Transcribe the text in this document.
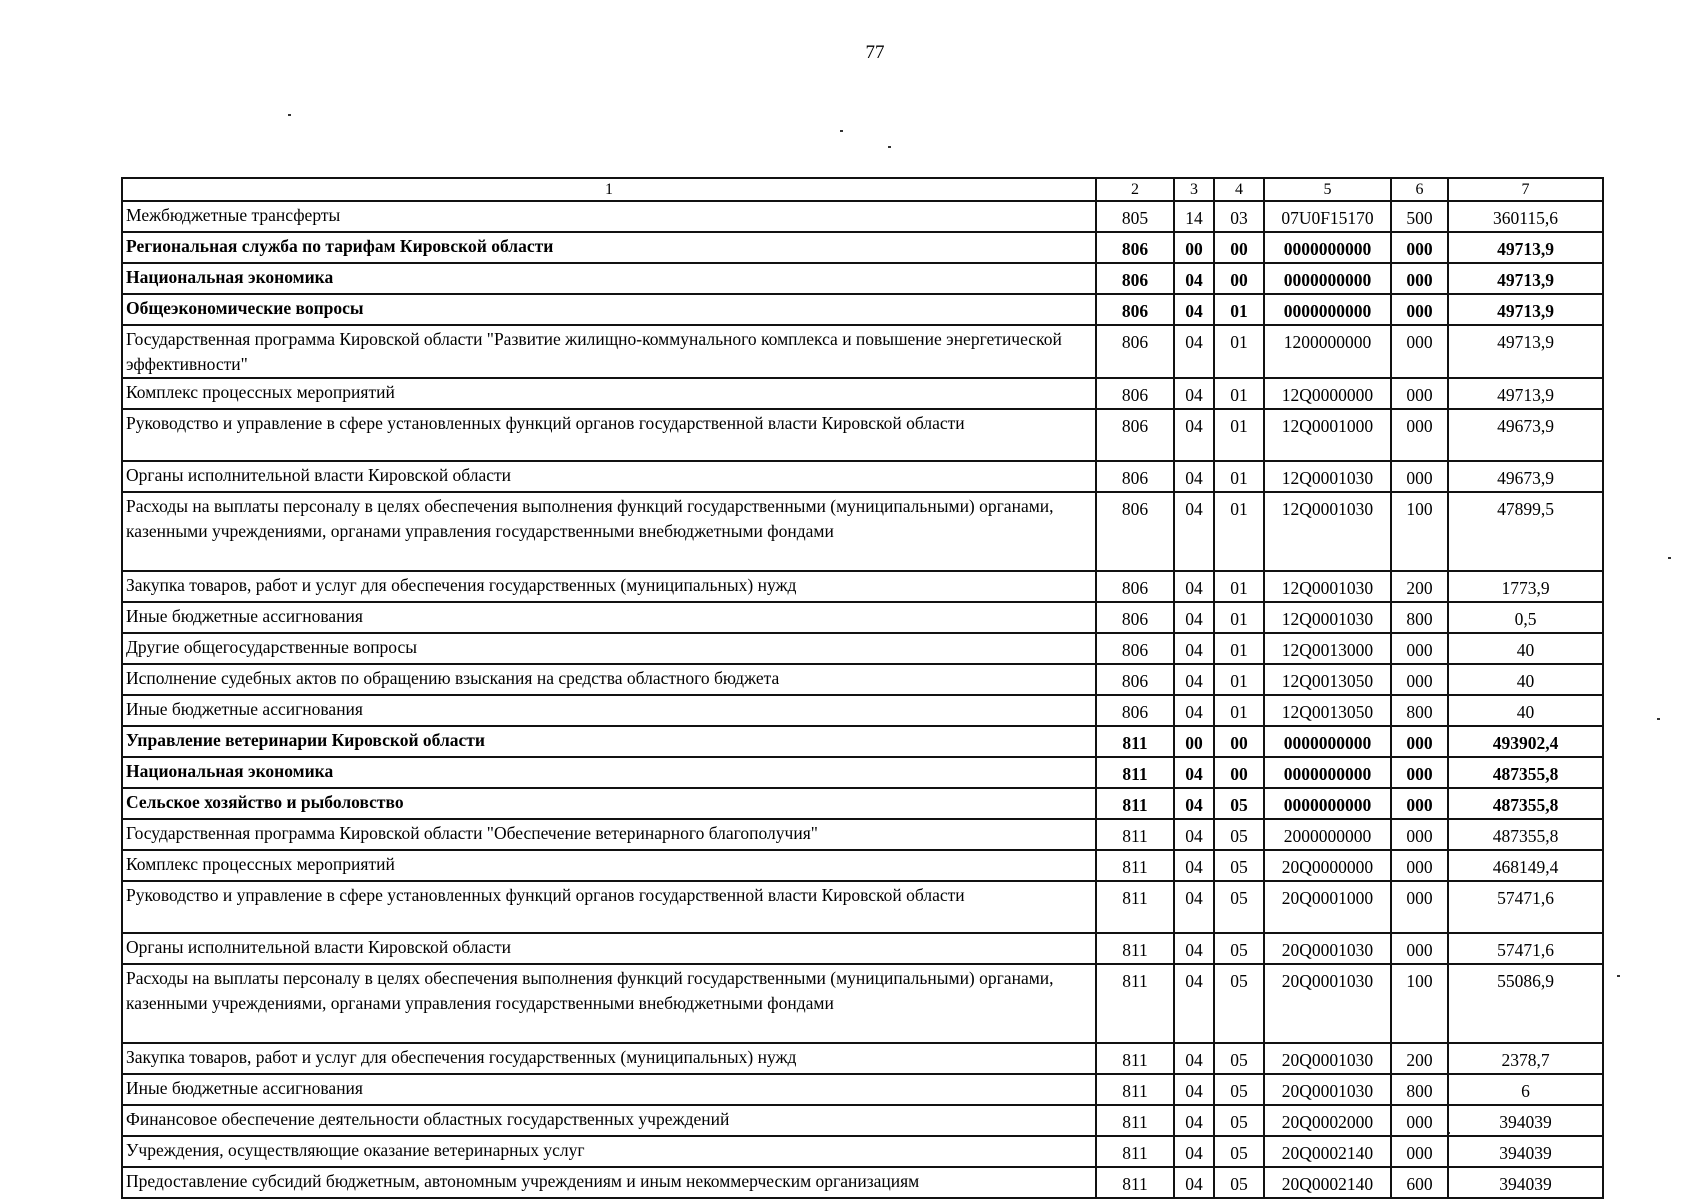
77
1	2	3	4	5	6	7
Межбюджетные трансферты	805	14	03	07U0F15170	500	360115,6
Региональная служба по тарифам Кировской области	806	00	00	0000000000	000	49713,9
Национальная экономика	806	04	00	0000000000	000	49713,9
Общеэкономические вопросы	806	04	01	0000000000	000	49713,9
Государственная программа Кировской области "Развитие жилищно-коммунального комплекса и повышение энергетической эффективности"	806	04	01	1200000000	000	49713,9
Комплекс процессных мероприятий	806	04	01	12Q0000000	000	49713,9
Руководство и управление в сфере установленных функций органов государственной власти Кировской области	806	04	01	12Q0001000	000	49673,9
Органы исполнительной власти Кировской области	806	04	01	12Q0001030	000	49673,9
Расходы на выплаты персоналу в целях обеспечения выполнения функций государственными (муниципальными) органами, казенными учреждениями, органами управления государственными внебюджетными фондами	806	04	01	12Q0001030	100	47899,5
Закупка товаров, работ и услуг для обеспечения государственных (муниципальных) нужд	806	04	01	12Q0001030	200	1773,9
Иные бюджетные ассигнования	806	04	01	12Q0001030	800	0,5
Другие общегосударственные вопросы	806	04	01	12Q0013000	000	40
Исполнение судебных актов по обращению взыскания на средства областного бюджета	806	04	01	12Q0013050	000	40
Иные бюджетные ассигнования	806	04	01	12Q0013050	800	40
Управление ветеринарии Кировской области	811	00	00	0000000000	000	493902,4
Национальная экономика	811	04	00	0000000000	000	487355,8
Сельское хозяйство и рыболовство	811	04	05	0000000000	000	487355,8
Государственная программа Кировской области "Обеспечение ветеринарного благополучия"	811	04	05	2000000000	000	487355,8
Комплекс процессных мероприятий	811	04	05	20Q0000000	000	468149,4
Руководство и управление в сфере установленных функций органов государственной власти Кировской области	811	04	05	20Q0001000	000	57471,6
Органы исполнительной власти Кировской области	811	04	05	20Q0001030	000	57471,6
Расходы на выплаты персоналу в целях обеспечения выполнения функций государственными (муниципальными) органами, казенными учреждениями, органами управления государственными внебюджетными фондами	811	04	05	20Q0001030	100	55086,9
Закупка товаров, работ и услуг для обеспечения государственных (муниципальных) нужд	811	04	05	20Q0001030	200	2378,7
Иные бюджетные ассигнования	811	04	05	20Q0001030	800	6
Финансовое обеспечение деятельности областных государственных учреждений	811	04	05	20Q0002000	000	394039
Учреждения, осуществляющие оказание ветеринарных услуг	811	04	05	20Q0002140	000	394039
Предоставление субсидий бюджетным, автономным учреждениям и иным некоммерческим организациям	811	04	05	20Q0002140	600	394039
